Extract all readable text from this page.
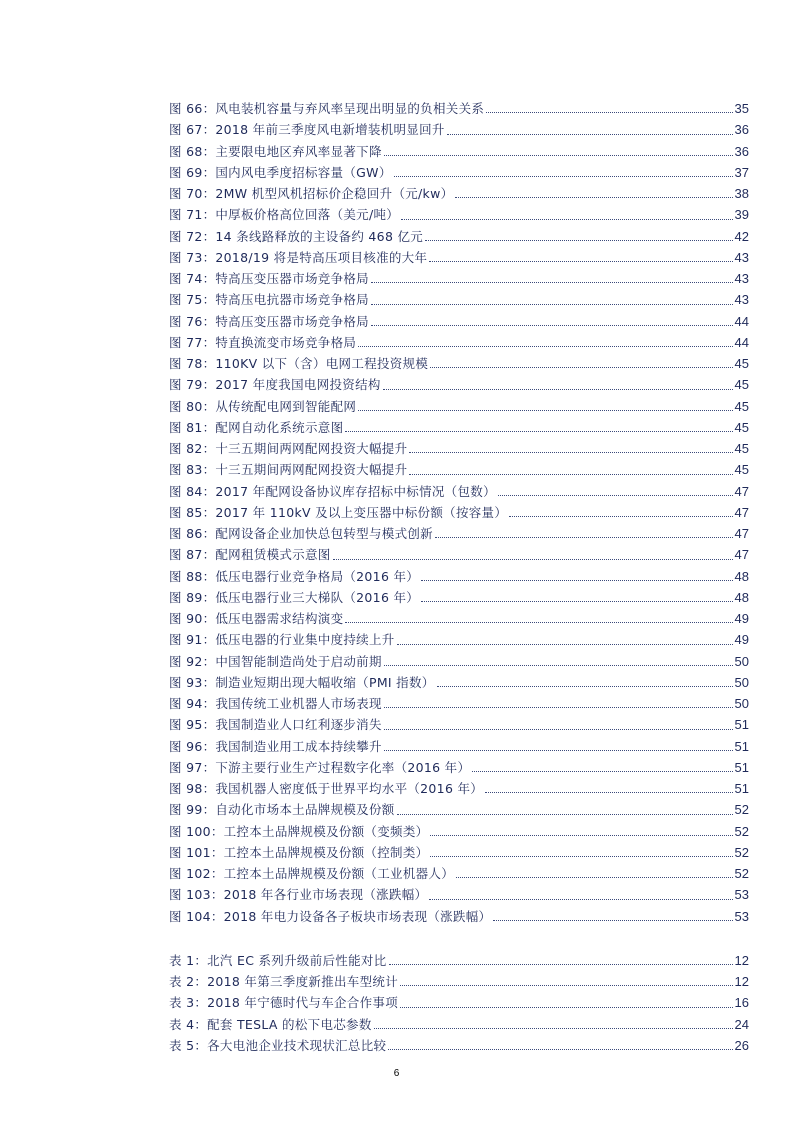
图 66：风电装机容量与弃风率呈现出明显的负相关关系	35
图 67：2018 年前三季度风电新增装机明显回升	36
图 68：主要限电地区弃风率显著下降	36
图 69：国内风电季度招标容量（GW）	37
图 70：2MW 机型风机招标价企稳回升（元/kw）	38
图 71：中厚板价格高位回落（美元/吨）	39
图 72：14 条线路释放的主设备约 468 亿元	42
图 73：2018/19 将是特高压项目核准的大年	43
图 74：特高压变压器市场竞争格局	43
图 75：特高压电抗器市场竞争格局	43
图 76：特高压变压器市场竞争格局	44
图 77：特直换流变市场竞争格局	44
图 78：110KV 以下（含）电网工程投资规模	45
图 79：2017 年度我国电网投资结构	45
图 80：从传统配电网到智能配网	45
图 81：配网自动化系统示意图	45
图 82：十三五期间两网配网投资大幅提升	45
图 83：十三五期间两网配网投资大幅提升	45
图 84：2017 年配网设备协议库存招标中标情况（包数）	47
图 85：2017 年 110kV 及以上变压器中标份额（按容量）	47
图 86：配网设备企业加快总包转型与模式创新	47
图 87：配网租赁模式示意图	47
图 88：低压电器行业竞争格局（2016 年）	48
图 89：低压电器行业三大梯队（2016 年）	48
图 90：低压电器需求结构演变	49
图 91：低压电器的行业集中度持续上升	49
图 92：中国智能制造尚处于启动前期	50
图 93：制造业短期出现大幅收缩（PMI 指数）	50
图 94：我国传统工业机器人市场表现	50
图 95：我国制造业人口红利逐步消失	51
图 96：我国制造业用工成本持续攀升	51
图 97：下游主要行业生产过程数字化率（2016 年）	51
图 98：我国机器人密度低于世界平均水平（2016 年）	51
图 99：自动化市场本土品牌规模及份额	52
图 100：工控本土品牌规模及份额（变频类）	52
图 101：工控本土品牌规模及份额（控制类）	52
图 102：工控本土品牌规模及份额（工业机器人）	52
图 103：2018 年各行业市场表现（涨跌幅）	53
图 104：2018 年电力设备各子板块市场表现（涨跌幅）	53
表 1：北汽 EC 系列升级前后性能对比	12
表 2：2018 年第三季度新推出车型统计	12
表 3：2018 年宁德时代与车企合作事项	16
表 4：配套 TESLA 的松下电芯参数	24
表 5：各大电池企业技术现状汇总比较	26
6
